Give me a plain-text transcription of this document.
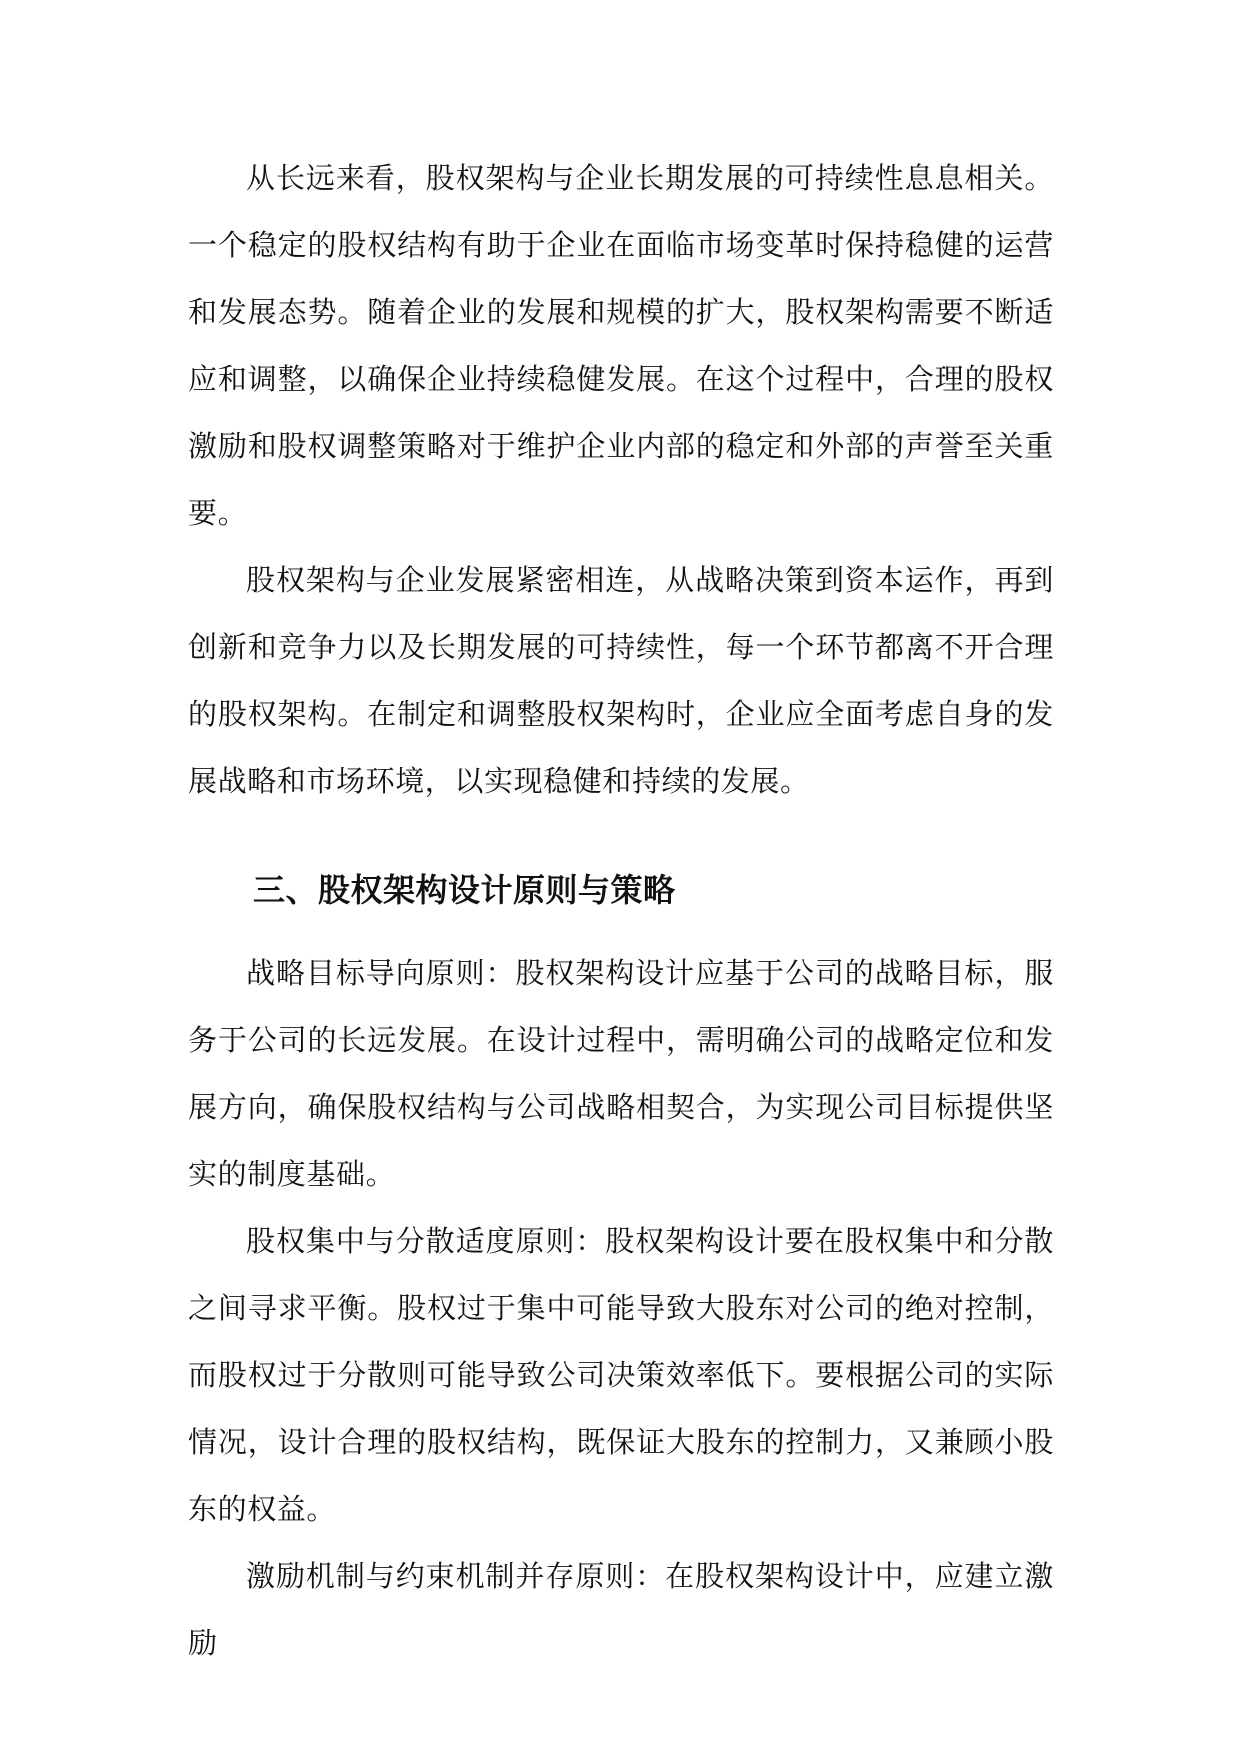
从长远来看，股权架构与企业长期发展的可持续性息息相关。一个稳定的股权结构有助于企业在面临市场变革时保持稳健的运营和发展态势。随着企业的发展和规模的扩大，股权架构需要不断适应和调整，以确保企业持续稳健发展。在这个过程中，合理的股权激励和股权调整策略对于维护企业内部的稳定和外部的声誉至关重要。

股权架构与企业发展紧密相连，从战略决策到资本运作，再到创新和竞争力以及长期发展的可持续性，每一个环节都离不开合理的股权架构。在制定和调整股权架构时，企业应全面考虑自身的发展战略和市场环境，以实现稳健和持续的发展。

三、股权架构设计原则与策略

战略目标导向原则：股权架构设计应基于公司的战略目标，服务于公司的长远发展。在设计过程中，需明确公司的战略定位和发展方向，确保股权结构与公司战略相契合，为实现公司目标提供坚实的制度基础。

股权集中与分散适度原则：股权架构设计要在股权集中和分散之间寻求平衡。股权过于集中可能导致大股东对公司的绝对控制，而股权过于分散则可能导致公司决策效率低下。要根据公司的实际情况，设计合理的股权结构，既保证大股东的控制力，又兼顾小股东的权益。

激励机制与约束机制并存原则：在股权架构设计中，应建立激励
